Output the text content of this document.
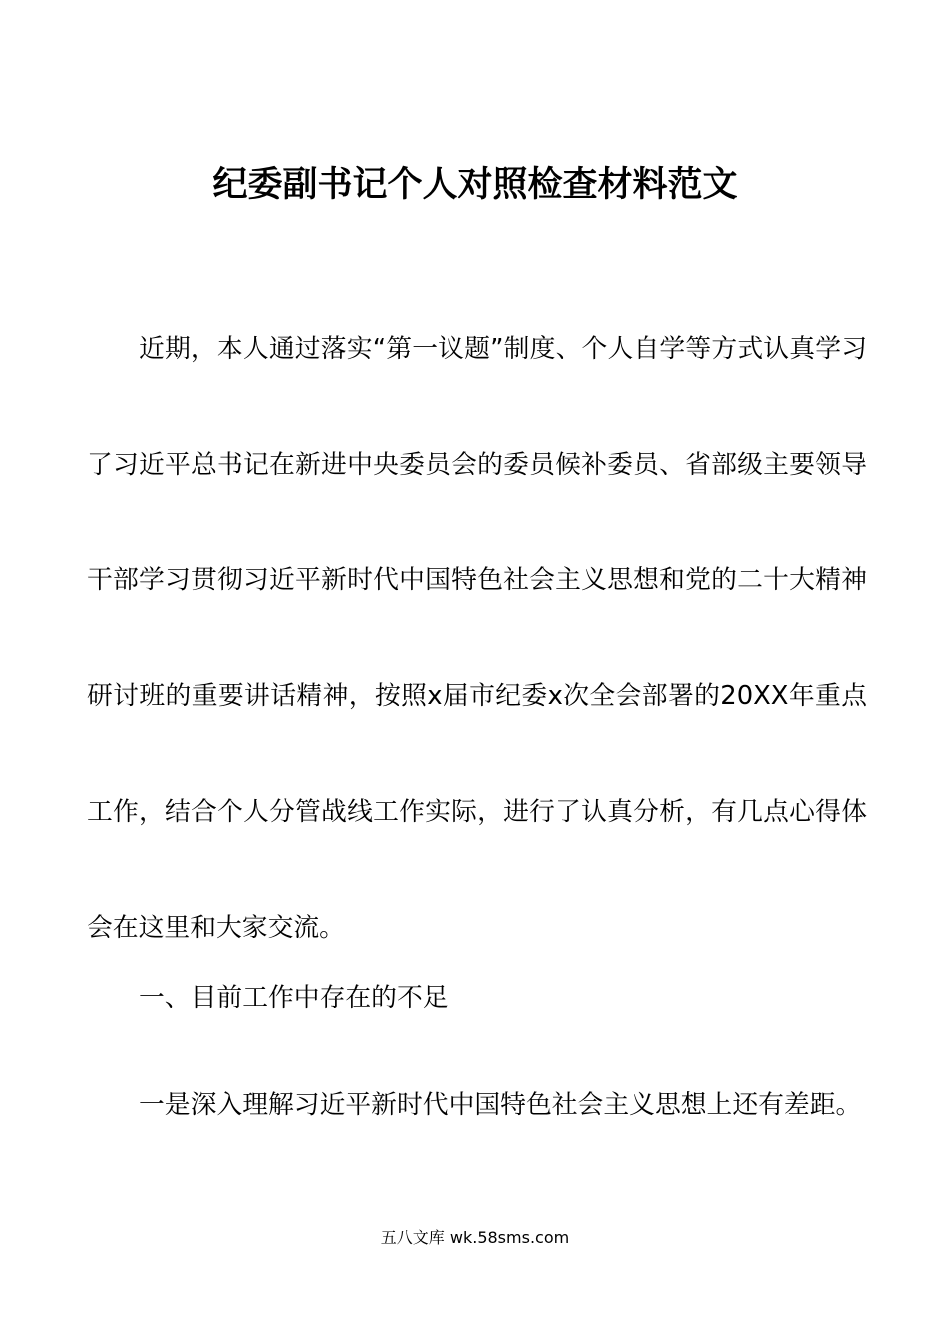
纪委副书记个人对照检查材料范文

近期，本人通过落实“第一议题”制度、个人自学等方式认真学习了习近平总书记在新进中央委员会的委员候补委员、省部级主要领导干部学习贯彻习近平新时代中国特色社会主义思想和党的二十大精神研讨班的重要讲话精神，按照x届市纪委x次全会部署的20XX年重点工作，结合个人分管战线工作实际，进行了认真分析，有几点心得体会在这里和大家交流。

一、目前工作中存在的不足

一是深入理解习近平新时代中国特色社会主义思想上还有差距。

五八文库 wk.58sms.com
